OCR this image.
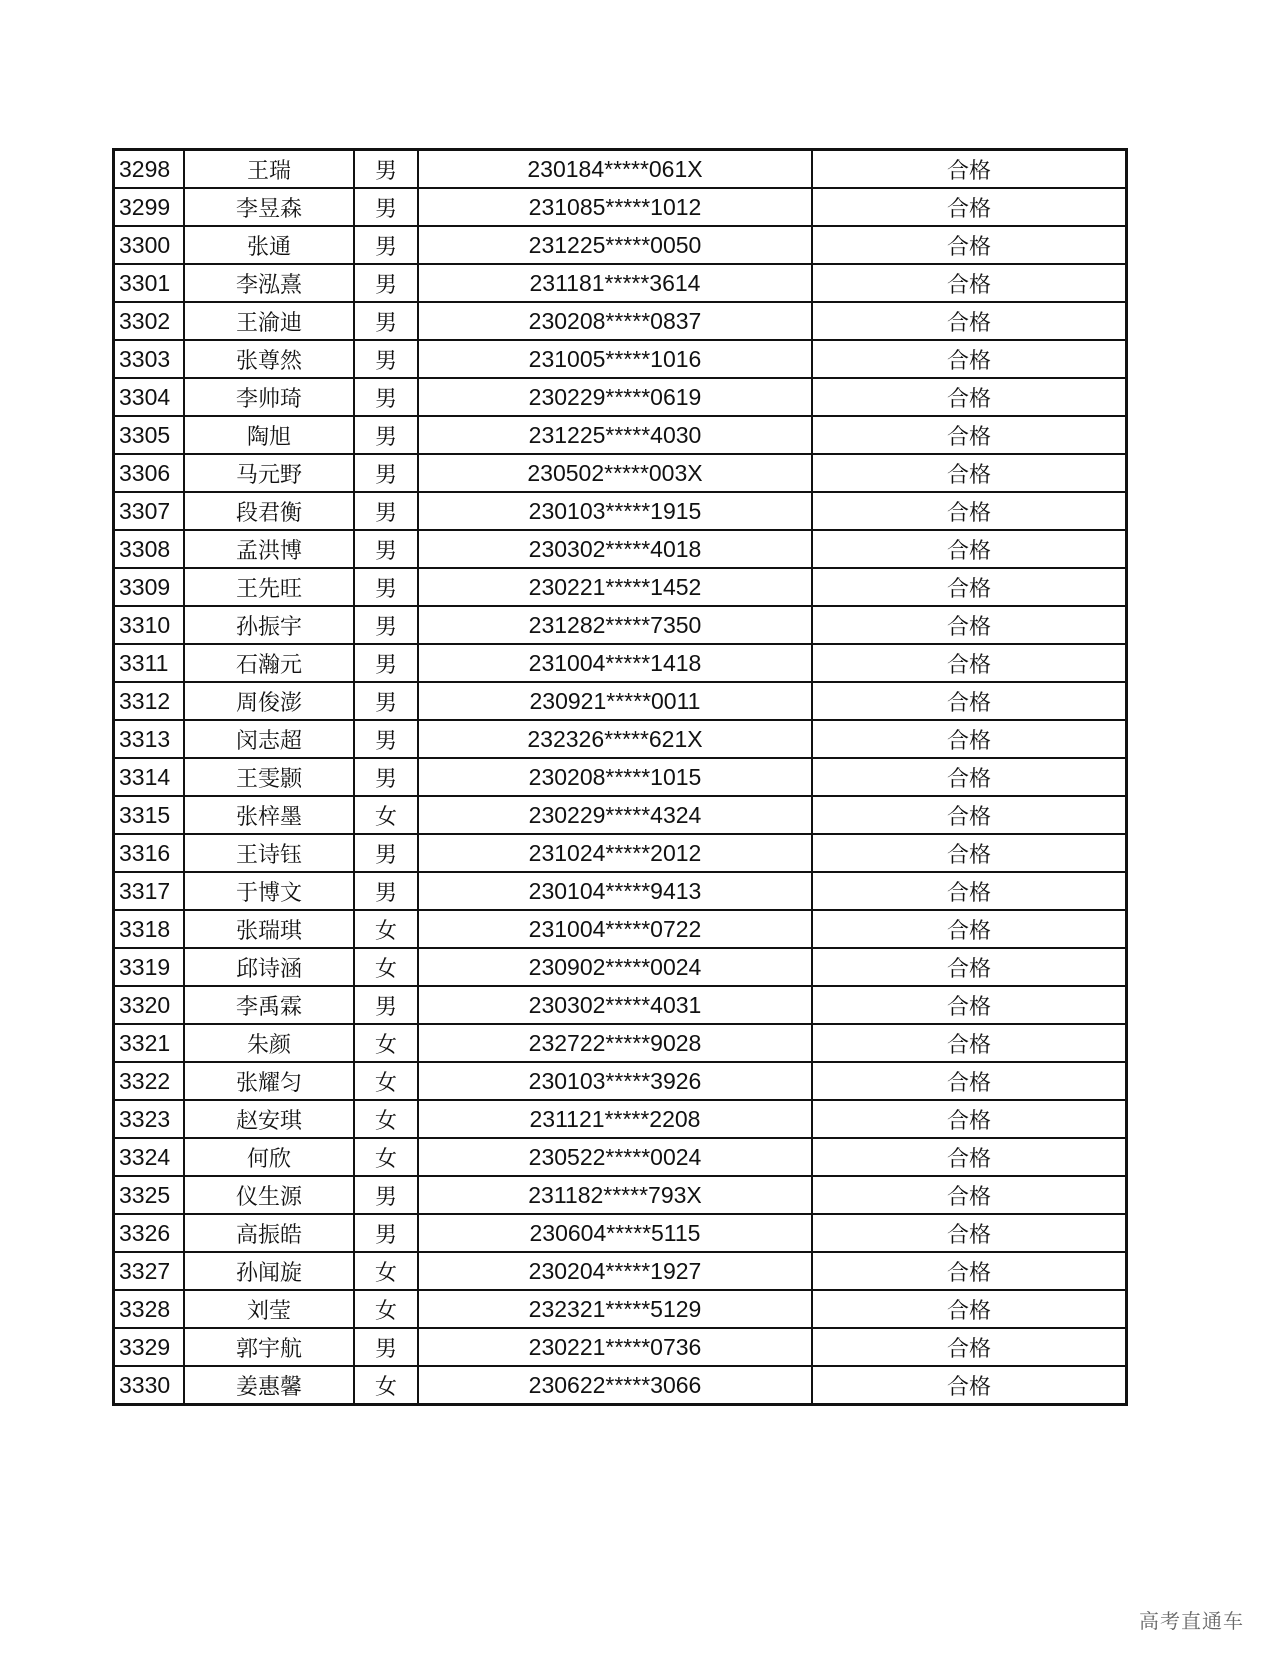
3298	王瑞	男	230184*****061X	合格
3299	李昱森	男	231085*****1012	合格
3300	张通	男	231225*****0050	合格
3301	李泓熹	男	231181*****3614	合格
3302	王渝迪	男	230208*****0837	合格
3303	张尊然	男	231005*****1016	合格
3304	李帅琦	男	230229*****0619	合格
3305	陶旭	男	231225*****4030	合格
3306	马元野	男	230502*****003X	合格
3307	段君衡	男	230103*****1915	合格
3308	孟洪博	男	230302*****4018	合格
3309	王先旺	男	230221*****1452	合格
3310	孙振宇	男	231282*****7350	合格
3311	石瀚元	男	231004*****1418	合格
3312	周俊澎	男	230921*****0011	合格
3313	闵志超	男	232326*****621X	合格
3314	王雯颢	男	230208*****1015	合格
3315	张梓墨	女	230229*****4324	合格
3316	王诗钰	男	231024*****2012	合格
3317	于博文	男	230104*****9413	合格
3318	张瑞琪	女	231004*****0722	合格
3319	邱诗涵	女	230902*****0024	合格
3320	李禹霖	男	230302*****4031	合格
3321	朱颜	女	232722*****9028	合格
3322	张耀匀	女	230103*****3926	合格
3323	赵安琪	女	231121*****2208	合格
3324	何欣	女	230522*****0024	合格
3325	仪生源	男	231182*****793X	合格
3326	高振皓	男	230604*****5115	合格
3327	孙闻旋	女	230204*****1927	合格
3328	刘莹	女	232321*****5129	合格
3329	郭宇航	男	230221*****0736	合格
3330	姜惠馨	女	230622*****3066	合格
高考直通车
